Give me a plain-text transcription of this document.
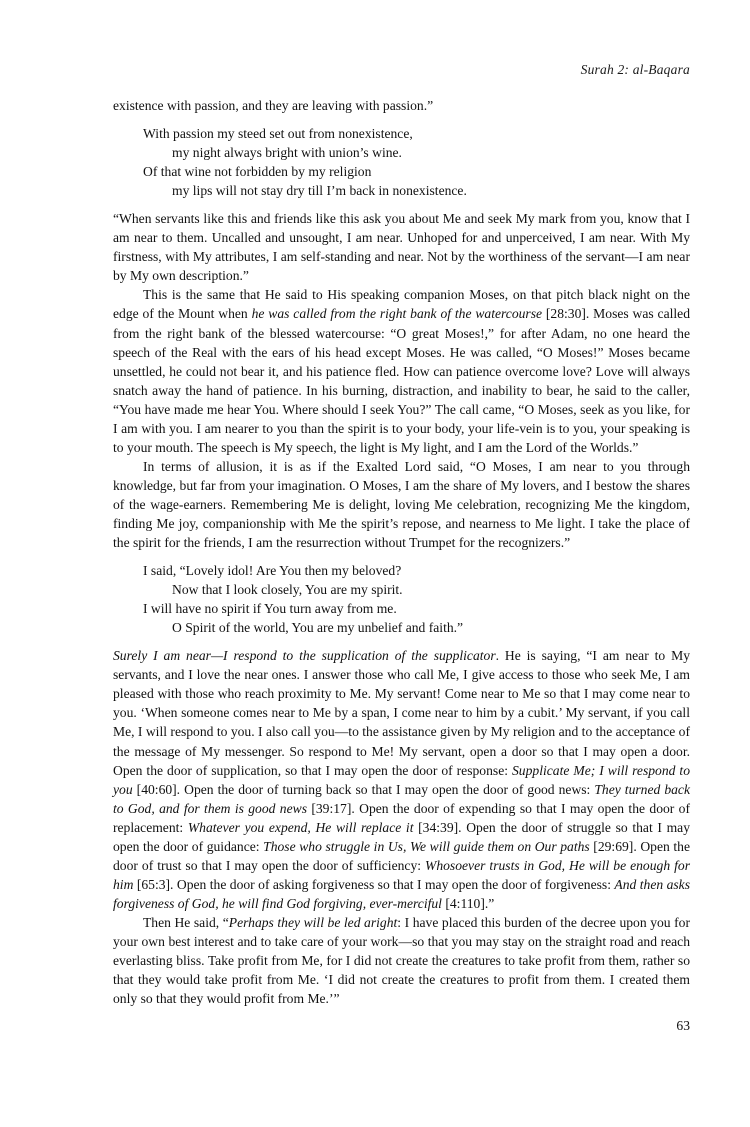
Surah 2: al-Baqara

existence with passion, and they are leaving with passion.”

With passion my steed set out from nonexistence,
my night always bright with union’s wine.
Of that wine not forbidden by my religion
my lips will not stay dry till I’m back in nonexistence.

“When servants like this and friends like this ask you about Me and seek My mark from you, know that I am near to them. Uncalled and unsought, I am near. Unhoped for and unperceived, I am near. With My firstness, with My attributes, I am self-standing and near. Not by the worthiness of the servant—I am near by My own description.”

This is the same that He said to His speaking companion Moses, on that pitch black night on the edge of the Mount when he was called from the right bank of the watercourse [28:30]. Moses was called from the right bank of the blessed watercourse: “O great Moses!,” for after Adam, no one heard the speech of the Real with the ears of his head except Moses. He was called, “O Moses!” Moses became unsettled, he could not bear it, and his patience fled. How can patience overcome love? Love will always snatch away the hand of patience. In his burning, distraction, and inability to bear, he said to the caller, “You have made me hear You. Where should I seek You?” The call came, “O Moses, seek as you like, for I am with you. I am nearer to you than the spirit is to your body, your life-vein is to you, your speaking is to your mouth. The speech is My speech, the light is My light, and I am the Lord of the Worlds.”

In terms of allusion, it is as if the Exalted Lord said, “O Moses, I am near to you through knowledge, but far from your imagination. O Moses, I am the share of My lovers, and I bestow the shares of the wage-earners. Remembering Me is delight, loving Me celebration, recognizing Me the kingdom, finding Me joy, companionship with Me the spirit’s repose, and nearness to Me light. I take the place of the spirit for the friends, I am the resurrection without Trumpet for the recognizers.”

I said, “Lovely idol! Are You then my beloved?
Now that I look closely, You are my spirit.
I will have no spirit if You turn away from me.
O Spirit of the world, You are my unbelief and faith.”

Surely I am near—I respond to the supplication of the supplicator. He is saying, “I am near to My servants, and I love the near ones. I answer those who call Me, I give access to those who seek Me, I am pleased with those who reach proximity to Me. My servant! Come near to Me so that I may come near to you. ‘When someone comes near to Me by a span, I come near to him by a cubit.’ My servant, if you call Me, I will respond to you. I also call you—to the assistance given by My religion and to the acceptance of the message of My messenger. So respond to Me! My servant, open a door so that I may open a door. Open the door of supplication, so that I may open the door of response: Supplicate Me; I will respond to you [40:60]. Open the door of turning back so that I may open the door of good news: They turned back to God, and for them is good news [39:17]. Open the door of expending so that I may open the door of replacement: Whatever you expend, He will replace it [34:39]. Open the door of struggle so that I may open the door of guidance: Those who struggle in Us, We will guide them on Our paths [29:69]. Open the door of trust so that I may open the door of sufficiency: Whosoever trusts in God, He will be enough for him [65:3]. Open the door of asking forgiveness so that I may open the door of forgiveness: And then asks forgiveness of God, he will find God forgiving, ever-merciful [4:110].”

Then He said, “Perhaps they will be led aright: I have placed this burden of the decree upon you for your own best interest and to take care of your work—so that you may stay on the straight road and reach everlasting bliss. Take profit from Me, for I did not create the creatures to take profit from them, rather so that they would take profit from Me. ‘I did not create the creatures to profit from them. I created them only so that they would profit from Me.’”

63
